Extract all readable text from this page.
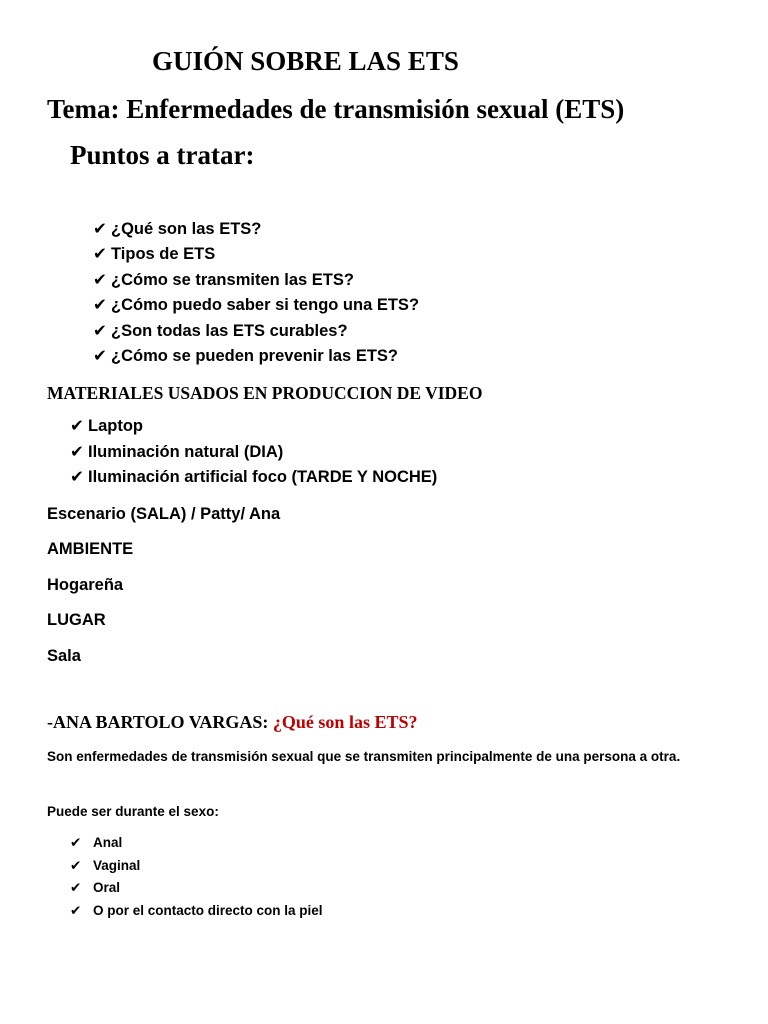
GUIÓN SOBRE LAS ETS
Tema: Enfermedades de transmisión sexual (ETS)
Puntos a tratar:
✔ ¿Qué son las ETS?
✔ Tipos de ETS
✔ ¿Cómo se transmiten las ETS?
✔ ¿Cómo puedo saber si tengo una ETS?
✔ ¿Son todas las ETS curables?
✔ ¿Cómo se pueden prevenir las ETS?
MATERIALES USADOS EN PRODUCCION DE VIDEO
✔ Laptop
✔ Iluminación natural (DIA)
✔ Iluminación artificial foco (TARDE Y NOCHE)

Escenario (SALA) / Patty/ Ana

AMBIENTE

Hogareña

LUGAR

Sala

-ANA BARTOLO VARGAS: ¿Qué son las ETS?

Son enfermedades de transmisión sexual que se transmiten principalmente de una persona a otra.

Puede ser durante el sexo:

✔ Anal
✔ Vaginal
✔ Oral
✔ O por el contacto directo con la piel
